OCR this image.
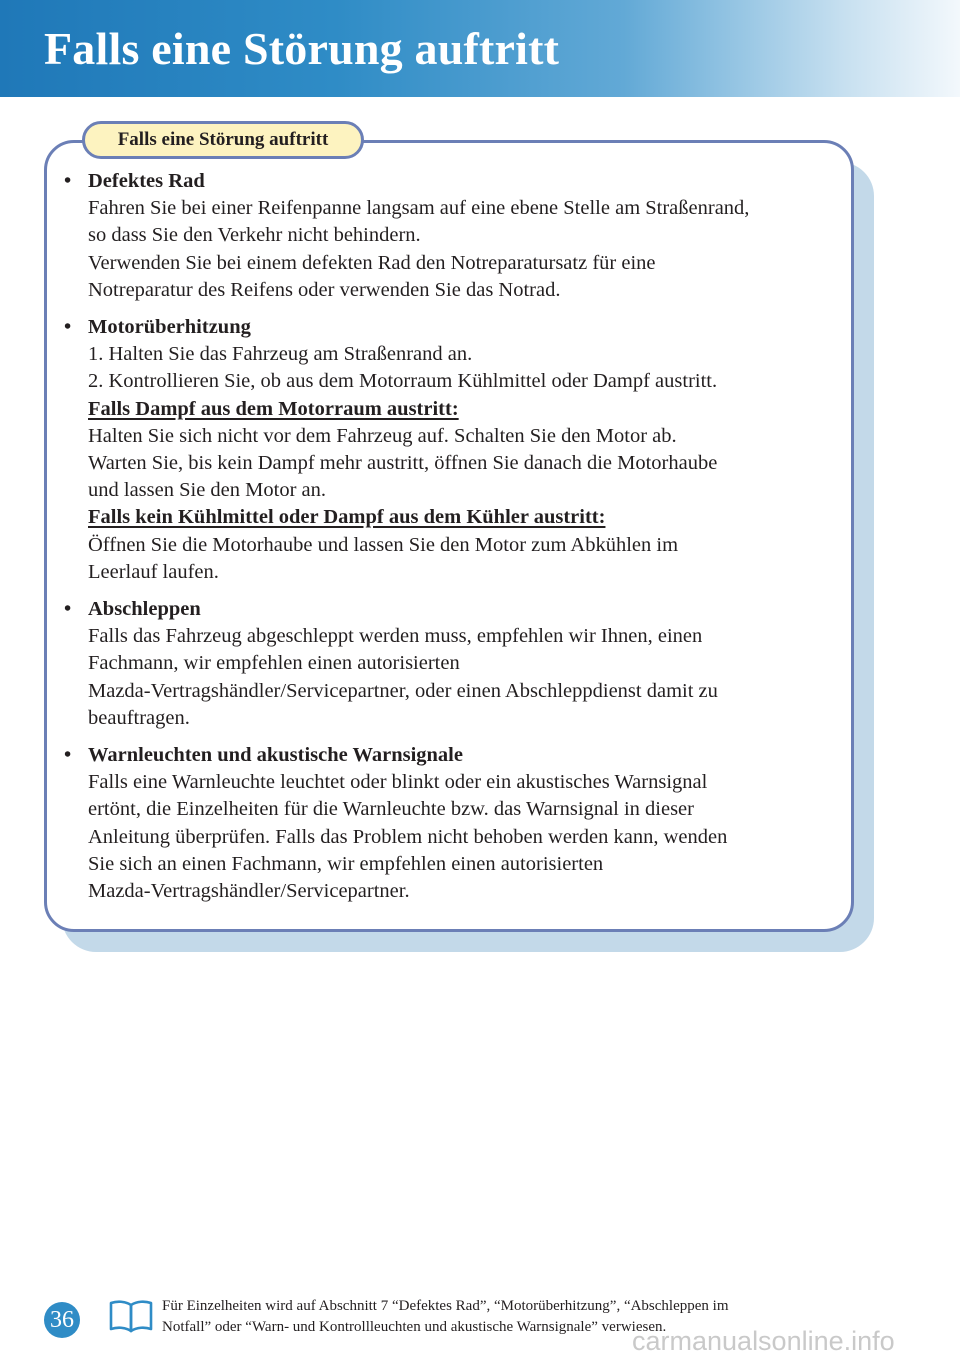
Falls eine Störung auftritt
Falls eine Störung auftritt
• Defektes Rad
Fahren Sie bei einer Reifenpanne langsam auf eine ebene Stelle am Straßenrand,
so dass Sie den Verkehr nicht behindern.
Verwenden Sie bei einem defekten Rad den Notreparatursatz für eine
Notreparatur des Reifens oder verwenden Sie das Notrad.
• Motorüberhitzung
1. Halten Sie das Fahrzeug am Straßenrand an.
2. Kontrollieren Sie, ob aus dem Motorraum Kühlmittel oder Dampf austritt.
Falls Dampf aus dem Motorraum austritt:
Halten Sie sich nicht vor dem Fahrzeug auf. Schalten Sie den Motor ab.
Warten Sie, bis kein Dampf mehr austritt, öffnen Sie danach die Motorhaube
und lassen Sie den Motor an.
Falls kein Kühlmittel oder Dampf aus dem Kühler austritt:
Öffnen Sie die Motorhaube und lassen Sie den Motor zum Abkühlen im
Leerlauf laufen.
• Abschleppen
Falls das Fahrzeug abgeschleppt werden muss, empfehlen wir Ihnen, einen
Fachmann, wir empfehlen einen autorisierten
Mazda-Vertragshändler/Servicepartner, oder einen Abschleppdienst damit zu
beauftragen.
• Warnleuchten und akustische Warnsignale
Falls eine Warnleuchte leuchtet oder blinkt oder ein akustisches Warnsignal
ertönt, die Einzelheiten für die Warnleuchte bzw. das Warnsignal in dieser
Anleitung überprüfen. Falls das Problem nicht behoben werden kann, wenden
Sie sich an einen Fachmann, wir empfehlen einen autorisierten
Mazda-Vertragshändler/Servicepartner.
36
Für Einzelheiten wird auf Abschnitt 7 “Defektes Rad”, “Motorüberhitzung”, “Abschleppen im
Notfall” oder “Warn- und Kontrollleuchten und akustische Warnsignale” verwiesen.
carmanualsonline.info
